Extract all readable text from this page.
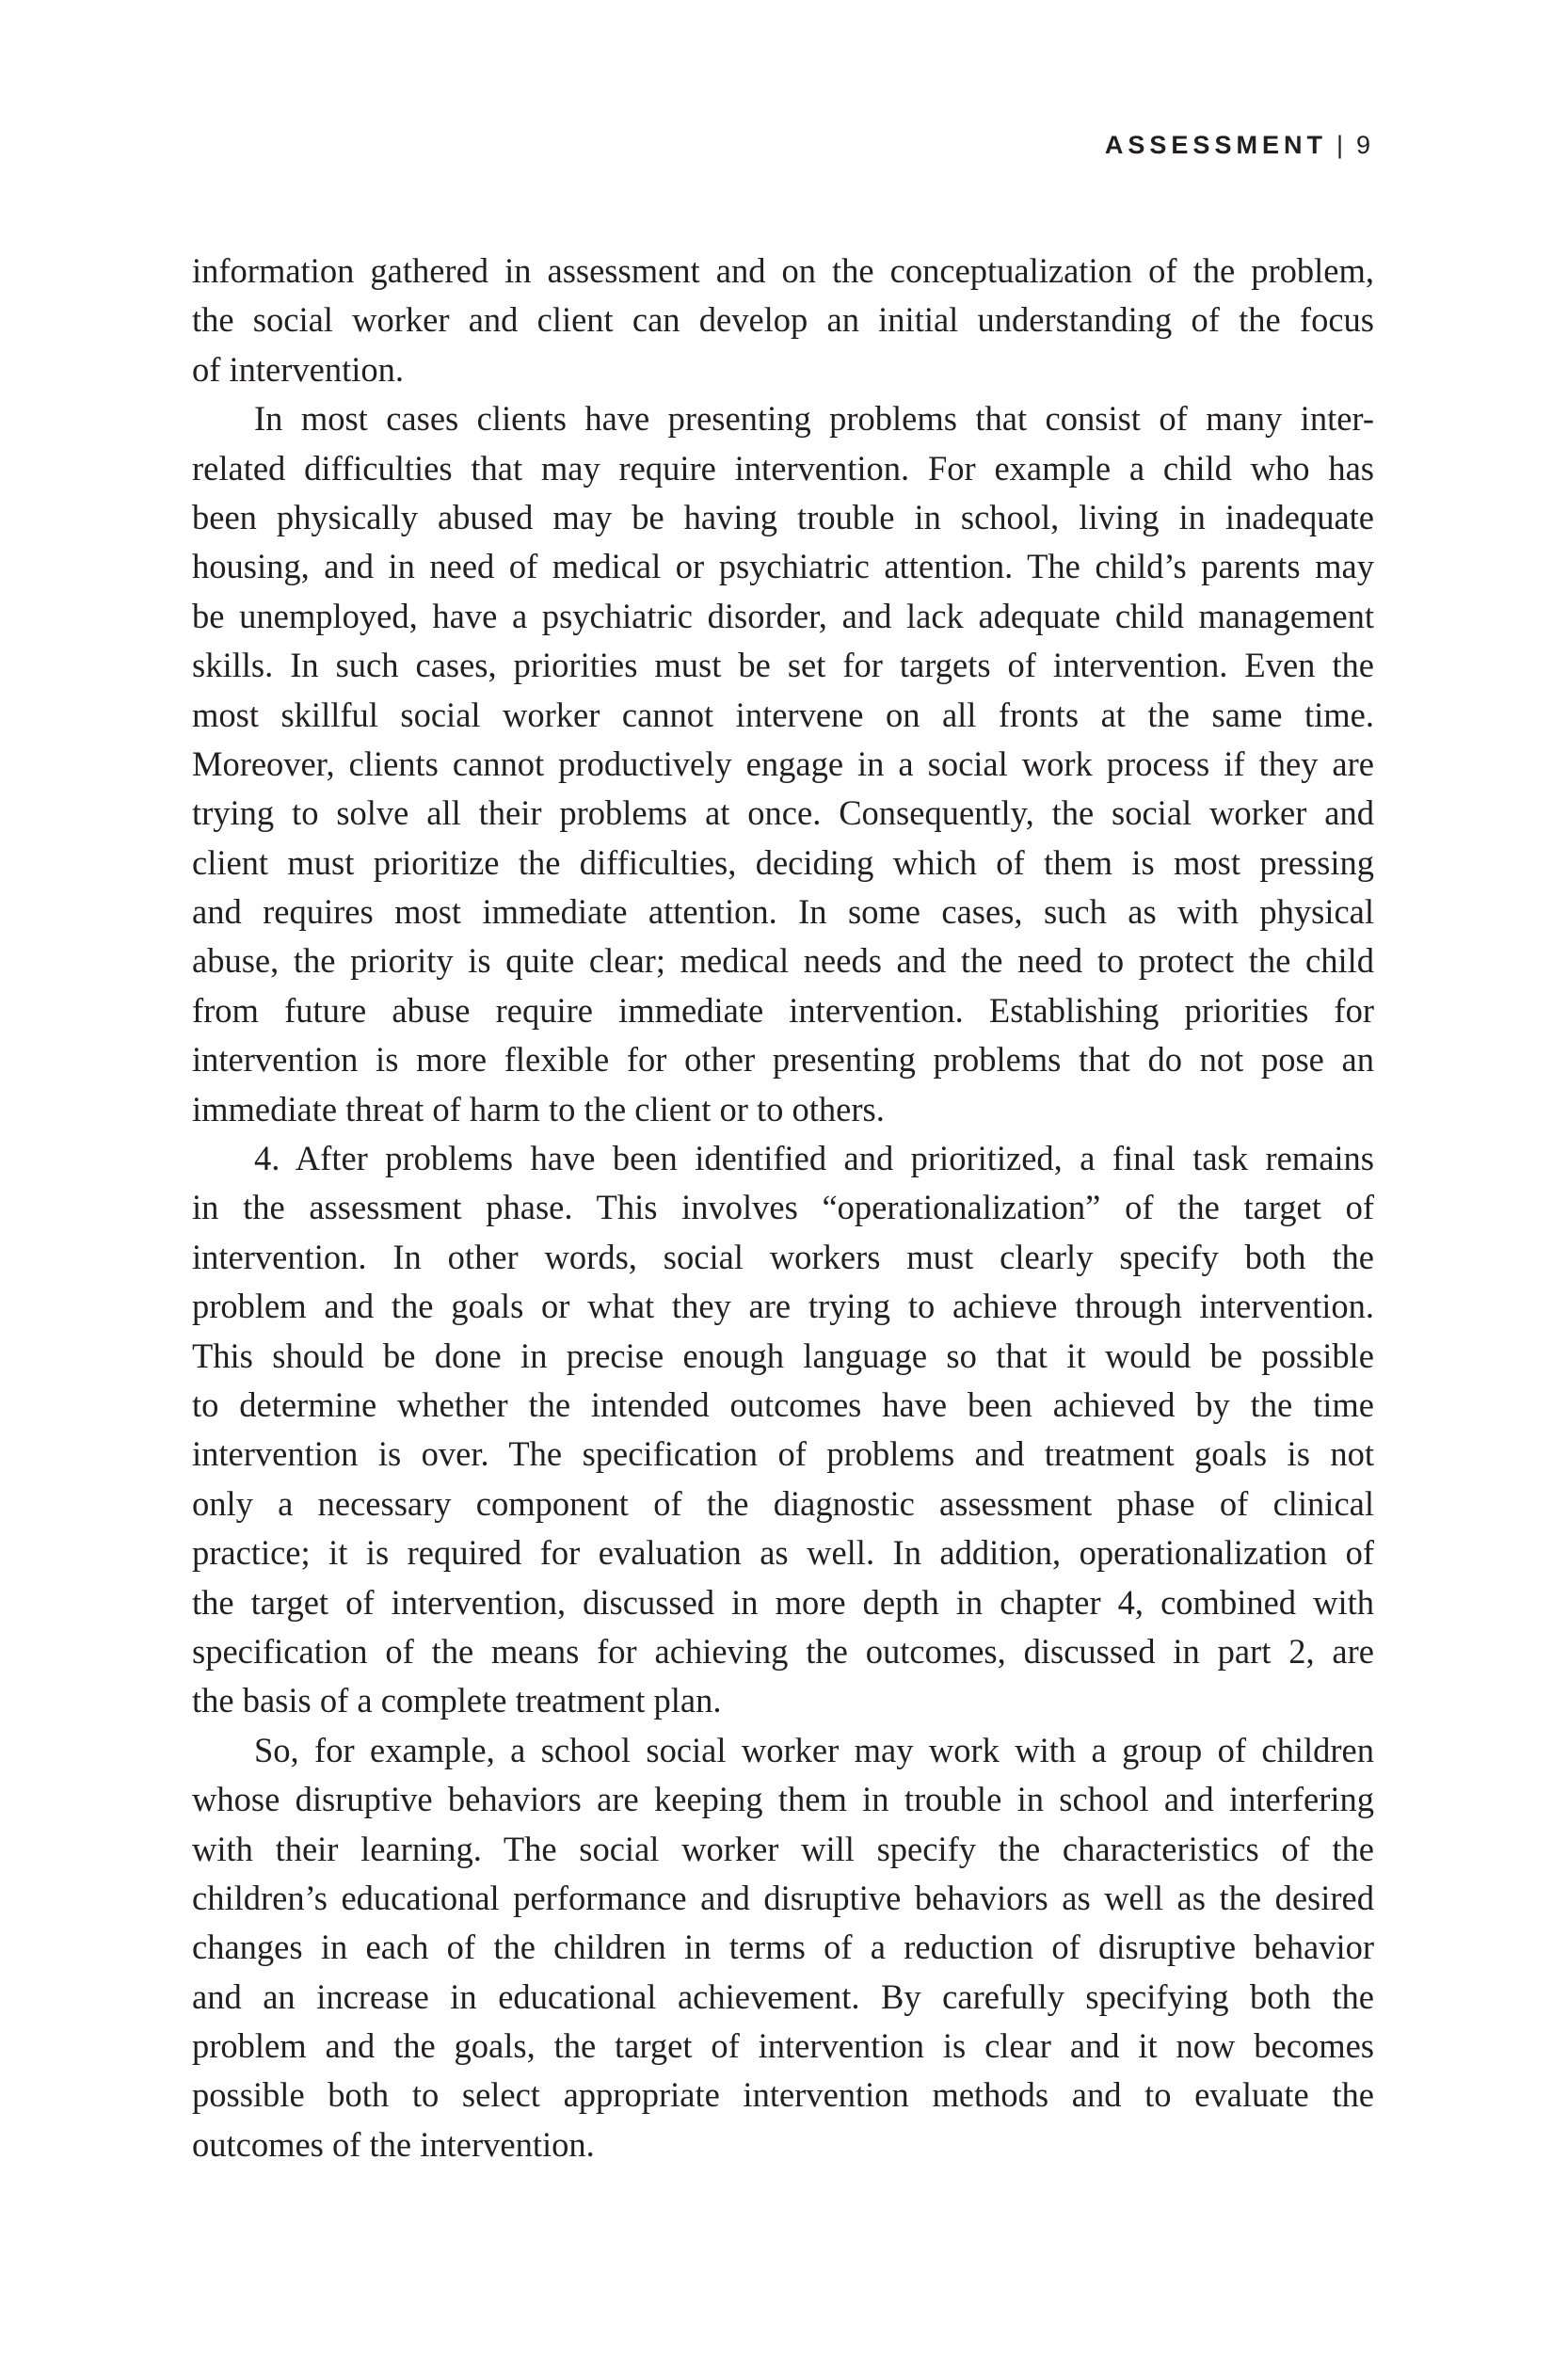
ASSESSMENT | 9
information gathered in assessment and on the conceptualization of the problem,
the social worker and client can develop an initial understanding of the focus
of intervention.
In most cases clients have presenting problems that consist of many inter-
related difficulties that may require intervention. For example a child who has
been physically abused may be having trouble in school, living in inadequate
housing, and in need of medical or psychiatric attention. The child’s parents may
be unemployed, have a psychiatric disorder, and lack adequate child management
skills. In such cases, priorities must be set for targets of intervention. Even the
most skillful social worker cannot intervene on all fronts at the same time.
Moreover, clients cannot productively engage in a social work process if they are
trying to solve all their problems at once. Consequently, the social worker and
client must prioritize the difficulties, deciding which of them is most pressing
and requires most immediate attention. In some cases, such as with physical
abuse, the priority is quite clear; medical needs and the need to protect the child
from future abuse require immediate intervention. Establishing priorities for
intervention is more flexible for other presenting problems that do not pose an
immediate threat of harm to the client or to others.
4. After problems have been identified and prioritized, a final task remains
in the assessment phase. This involves “operationalization” of the target of
intervention. In other words, social workers must clearly specify both the
problem and the goals or what they are trying to achieve through intervention.
This should be done in precise enough language so that it would be possible
to determine whether the intended outcomes have been achieved by the time
intervention is over. The specification of problems and treatment goals is not
only a necessary component of the diagnostic assessment phase of clinical
practice; it is required for evaluation as well. In addition, operationalization of
the target of intervention, discussed in more depth in chapter 4, combined with
specification of the means for achieving the outcomes, discussed in part 2, are
the basis of a complete treatment plan.
So, for example, a school social worker may work with a group of children
whose disruptive behaviors are keeping them in trouble in school and interfering
with their learning. The social worker will specify the characteristics of the
children’s educational performance and disruptive behaviors as well as the desired
changes in each of the children in terms of a reduction of disruptive behavior
and an increase in educational achievement. By carefully specifying both the
problem and the goals, the target of intervention is clear and it now becomes
possible both to select appropriate intervention methods and to evaluate the
outcomes of the intervention.
